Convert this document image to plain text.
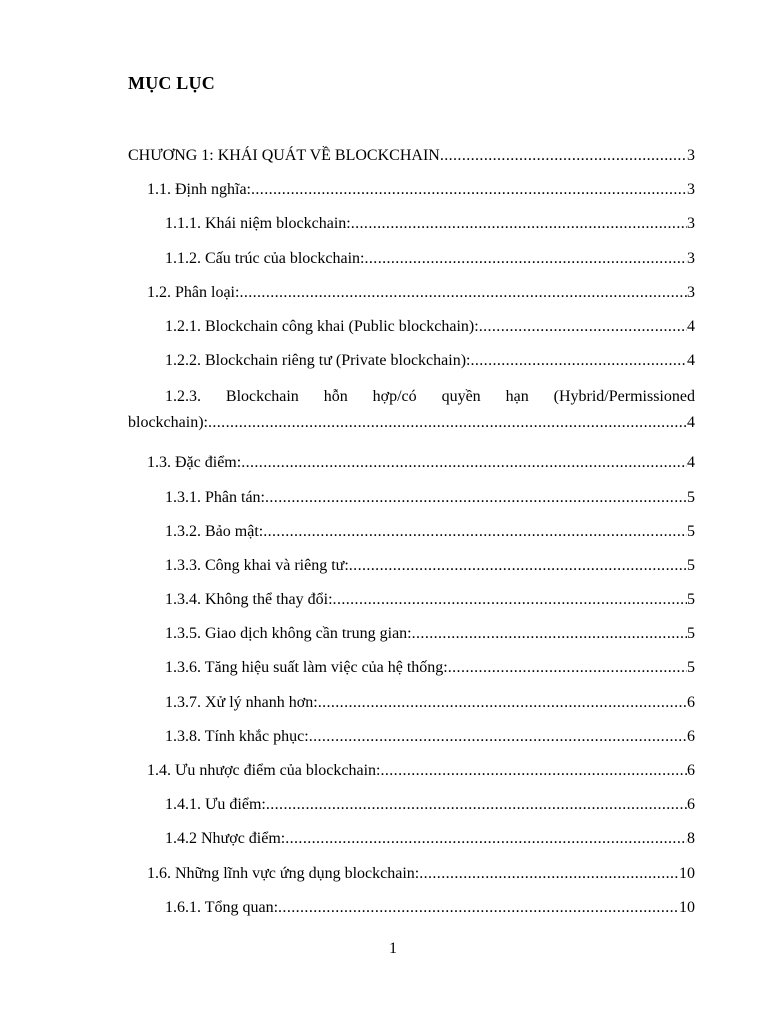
MỤC LỤC
CHƯƠNG 1: KHÁI QUÁT VỀ BLOCKCHAIN .....	3
1.1. Định nghĩa: .....	3
1.1.1. Khái niệm blockchain: .....	3
1.1.2. Cấu trúc của blockchain: .....	3
1.2. Phân loại: .....	3
1.2.1. Blockchain công khai (Public blockchain): .....	4
1.2.2. Blockchain riêng tư (Private blockchain): .....	4
1.2.3. Blockchain hỗn hợp/có quyền hạn (Hybrid/Permissioned
blockchain): .....	4
1.3. Đặc điểm: .....	4
1.3.1. Phân tán: .....	5
1.3.2. Bảo mật: .....	5
1.3.3. Công khai và riêng tư: .....	5
1.3.4. Không thể thay đổi: .....	5
1.3.5. Giao dịch không cần trung gian: .....	5
1.3.6. Tăng hiệu suất làm việc của hệ thống: .....	5
1.3.7. Xử lý nhanh hơn: .....	6
1.3.8. Tính khắc phục: .....	6
1.4. Ưu nhược điểm của blockchain: .....	6
1.4.1. Ưu điểm: .....	6
1.4.2 Nhược điểm: .....	8
1.6. Những lĩnh vực ứng dụng blockchain: .....	10
1.6.1. Tổng quan: .....	10
1
